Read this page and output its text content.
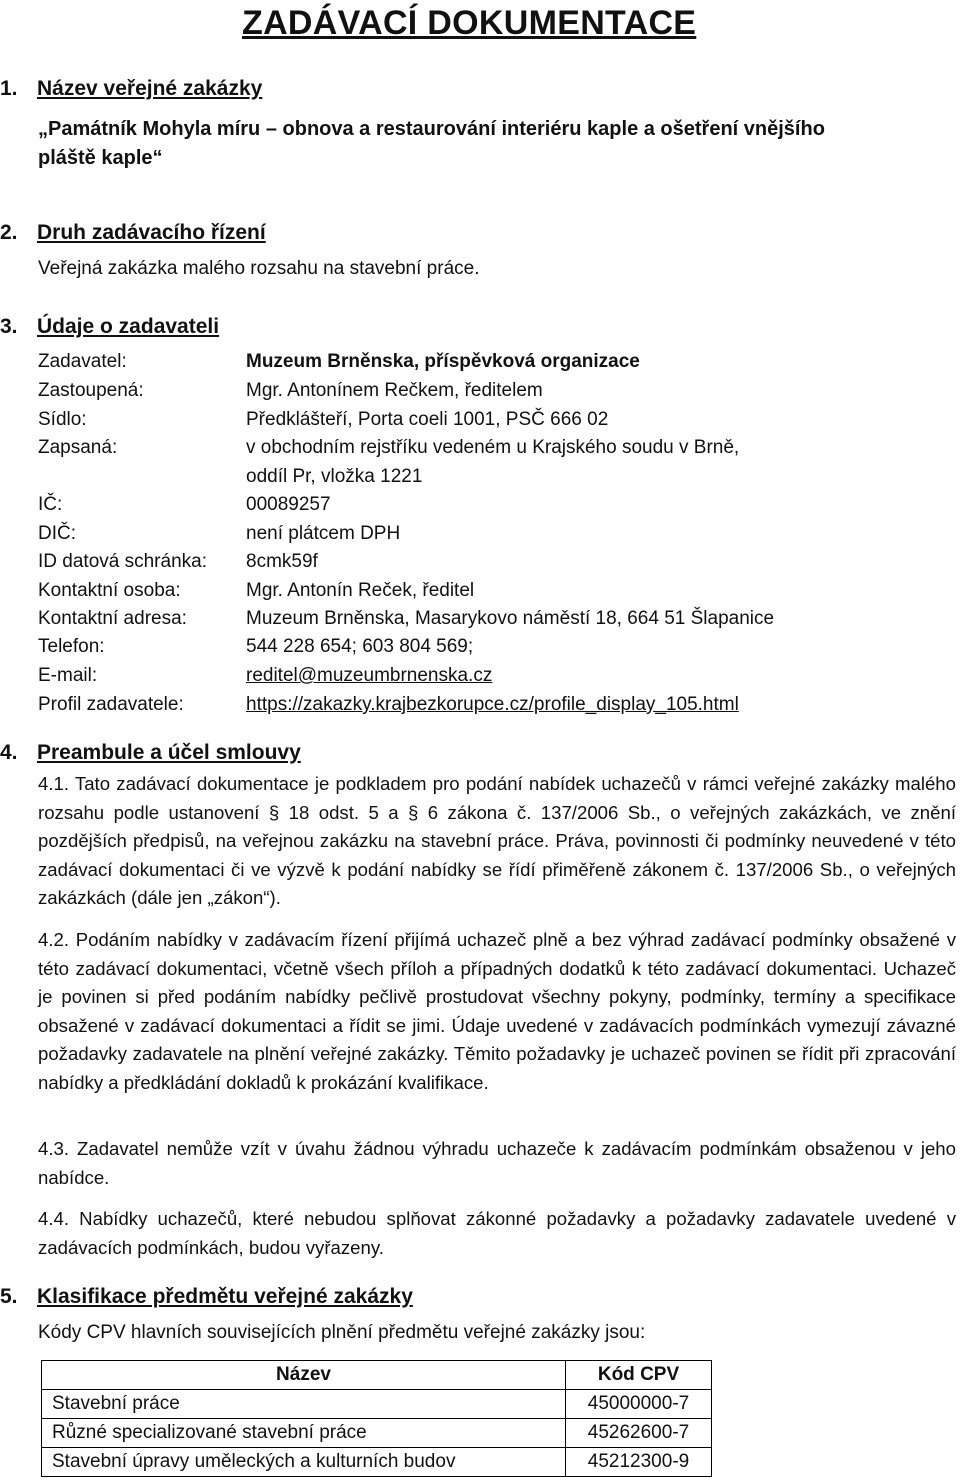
ZADÁVACÍ DOKUMENTACE
1. Název veřejné zakázky
„Památník Mohyla míru – obnova a restaurování interiéru kaple a ošetření vnějšího
pláště kaple“
2. Druh zadávacího řízení
Veřejná zakázka malého rozsahu na stavební práce.
3. Údaje o zadavateli
Zadavatel:	Muzeum Brněnska, příspěvková organizace
Zastoupená:	Mgr. Antonínem Rečkem, ředitelem
Sídlo:	Předklášteří, Porta coeli 1001, PSČ 666 02
Zapsaná:	v obchodním rejstříku vedeném u Krajského soudu v Brně,
oddíl Pr, vložka 1221
IČ:	00089257
DIČ:	není plátcem DPH
ID datová schránka: 8cmk59f
Kontaktní osoba:	Mgr. Antonín Reček, ředitel
Kontaktní adresa:	Muzeum Brněnska, Masarykovo náměstí 18, 664 51 Šlapanice
Telefon:	544 228 654; 603 804 569;
E-mail:	reditel@muzeumbrnenska.cz
Profil zadavatele:	https://zakazky.krajbezkorupce.cz/profile_display_105.html
4. Preambule a účel smlouvy
4.1. Tato zadávací dokumentace je podkladem pro podání nabídek uchazečů v rámci veřejné zakázky malého rozsahu podle ustanovení § 18 odst. 5 a § 6 zákona č. 137/2006 Sb., o veřejných zakázkách, ve znění pozdějších předpisů, na veřejnou zakázku na stavební práce. Práva, povinnosti či podmínky neuvedené v této zadávací dokumentaci či ve výzvě k podání nabídky se řídí přiměřeně zákonem č. 137/2006 Sb., o veřejných zakázkách (dále jen „zákon“).
4.2. Podáním nabídky v zadávacím řízení přijímá uchazeč plně a bez výhrad zadávací podmínky obsažené v této zadávací dokumentaci, včetně všech příloh a případných dodatků k této zadávací dokumentaci. Uchazeč je povinen si před podáním nabídky pečlivě prostudovat všechny pokyny, podmínky, termíny a specifikace obsažené v zadávací dokumentaci a řídit se jimi. Údaje uvedené v zadávacích podmínkách vymezují závazné požadavky zadavatele na plnění veřejné zakázky. Těmito požadavky je uchazeč povinen se řídit při zpracování nabídky a předkládání dokladů k prokázání kvalifikace.
4.3. Zadavatel nemůže vzít v úvahu žádnou výhradu uchazeče k zadávacím podmínkám obsaženou v jeho nabídce.
4.4. Nabídky uchazečů, které nebudou splňovat zákonné požadavky a požadavky zadavatele uvedené v zadávacích podmínkách, budou vyřazeny.
5. Klasifikace předmětu veřejné zakázky
Kódy CPV hlavních souvisejících plnění předmětu veřejné zakázky jsou:
Název	Kód CPV
Stavební práce	45000000-7
Různé specializované stavební práce	45262600-7
Stavební úpravy uměleckých a kulturních budov	45212300-9
